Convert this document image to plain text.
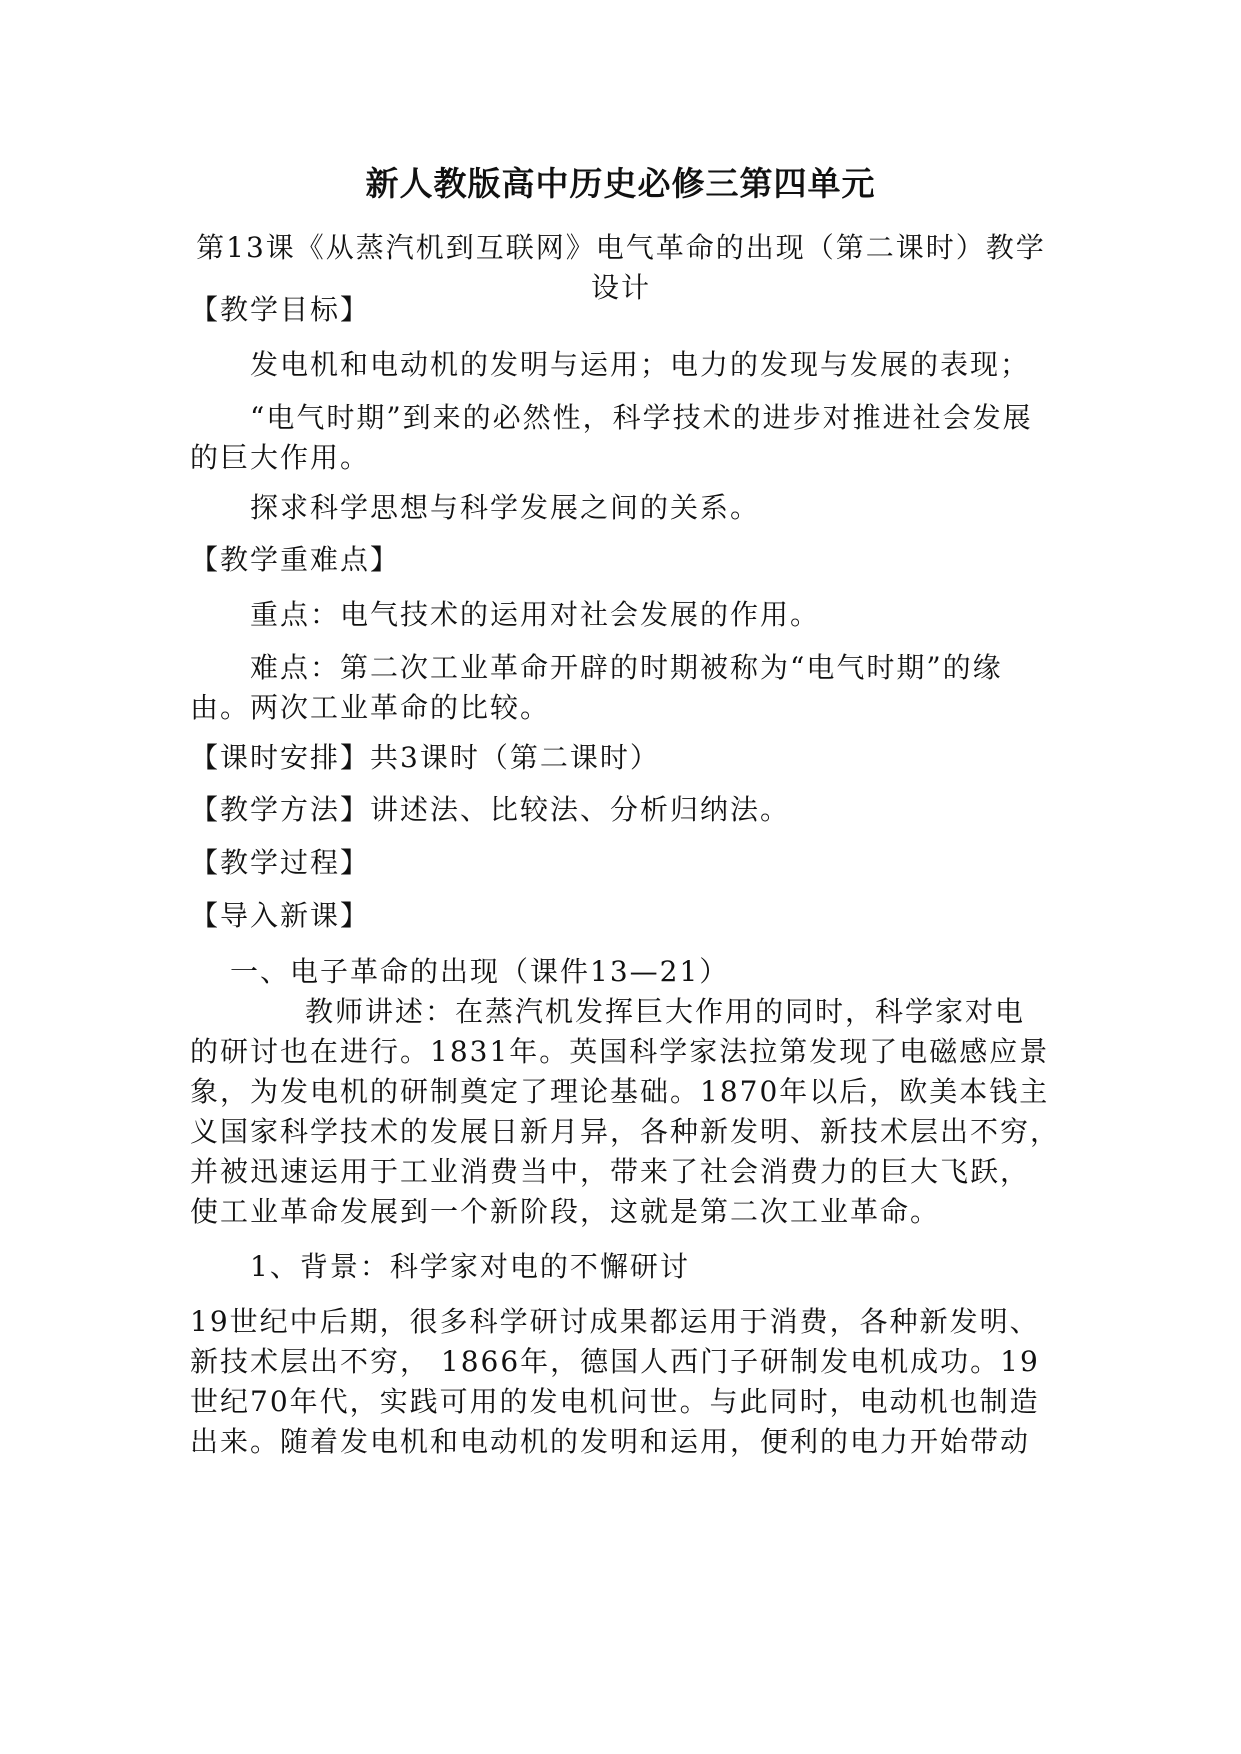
新人教版高中历史必修三第四单元
第13课《从蒸汽机到互联网》电气革命的出现（第二课时）教学设计
【教学目标】
发电机和电动机的发明与运用；电力的发现与发展的表现；
“电气时期”到来的必然性，科学技术的进步对推进社会发展的巨大作用。
探求科学思想与科学发展之间的关系。
【教学重难点】
重点：电气技术的运用对社会发展的作用。
难点：第二次工业革命开辟的时期被称为“电气时期”的缘由。两次工业革命的比较。
【课时安排】共3课时（第二课时）
【教学方法】讲述法、比较法、分析归纳法。
【教学过程】
【导入新课】
一、电子革命的出现（课件13—21）
教师讲述：在蒸汽机发挥巨大作用的同时，科学家对电
的研讨也在进行。1831年。英国科学家法拉第发现了电磁感应景
象，为发电机的研制奠定了理论基础。1870年以后，欧美本钱主
义国家科学技术的发展日新月异，各种新发明、新技术层出不穷，
并被迅速运用于工业消费当中，带来了社会消费力的巨大飞跃，
使工业革命发展到一个新阶段，这就是第二次工业革命。
1、背景：科学家对电的不懈研讨
19世纪中后期，很多科学研讨成果都运用于消费，各种新发明、
新技术层出不穷， 1866年，德国人西门子研制发电机成功。19
世纪70年代，实践可用的发电机问世。与此同时，电动机也制造
出来。随着发电机和电动机的发明和运用，便利的电力开始带动
